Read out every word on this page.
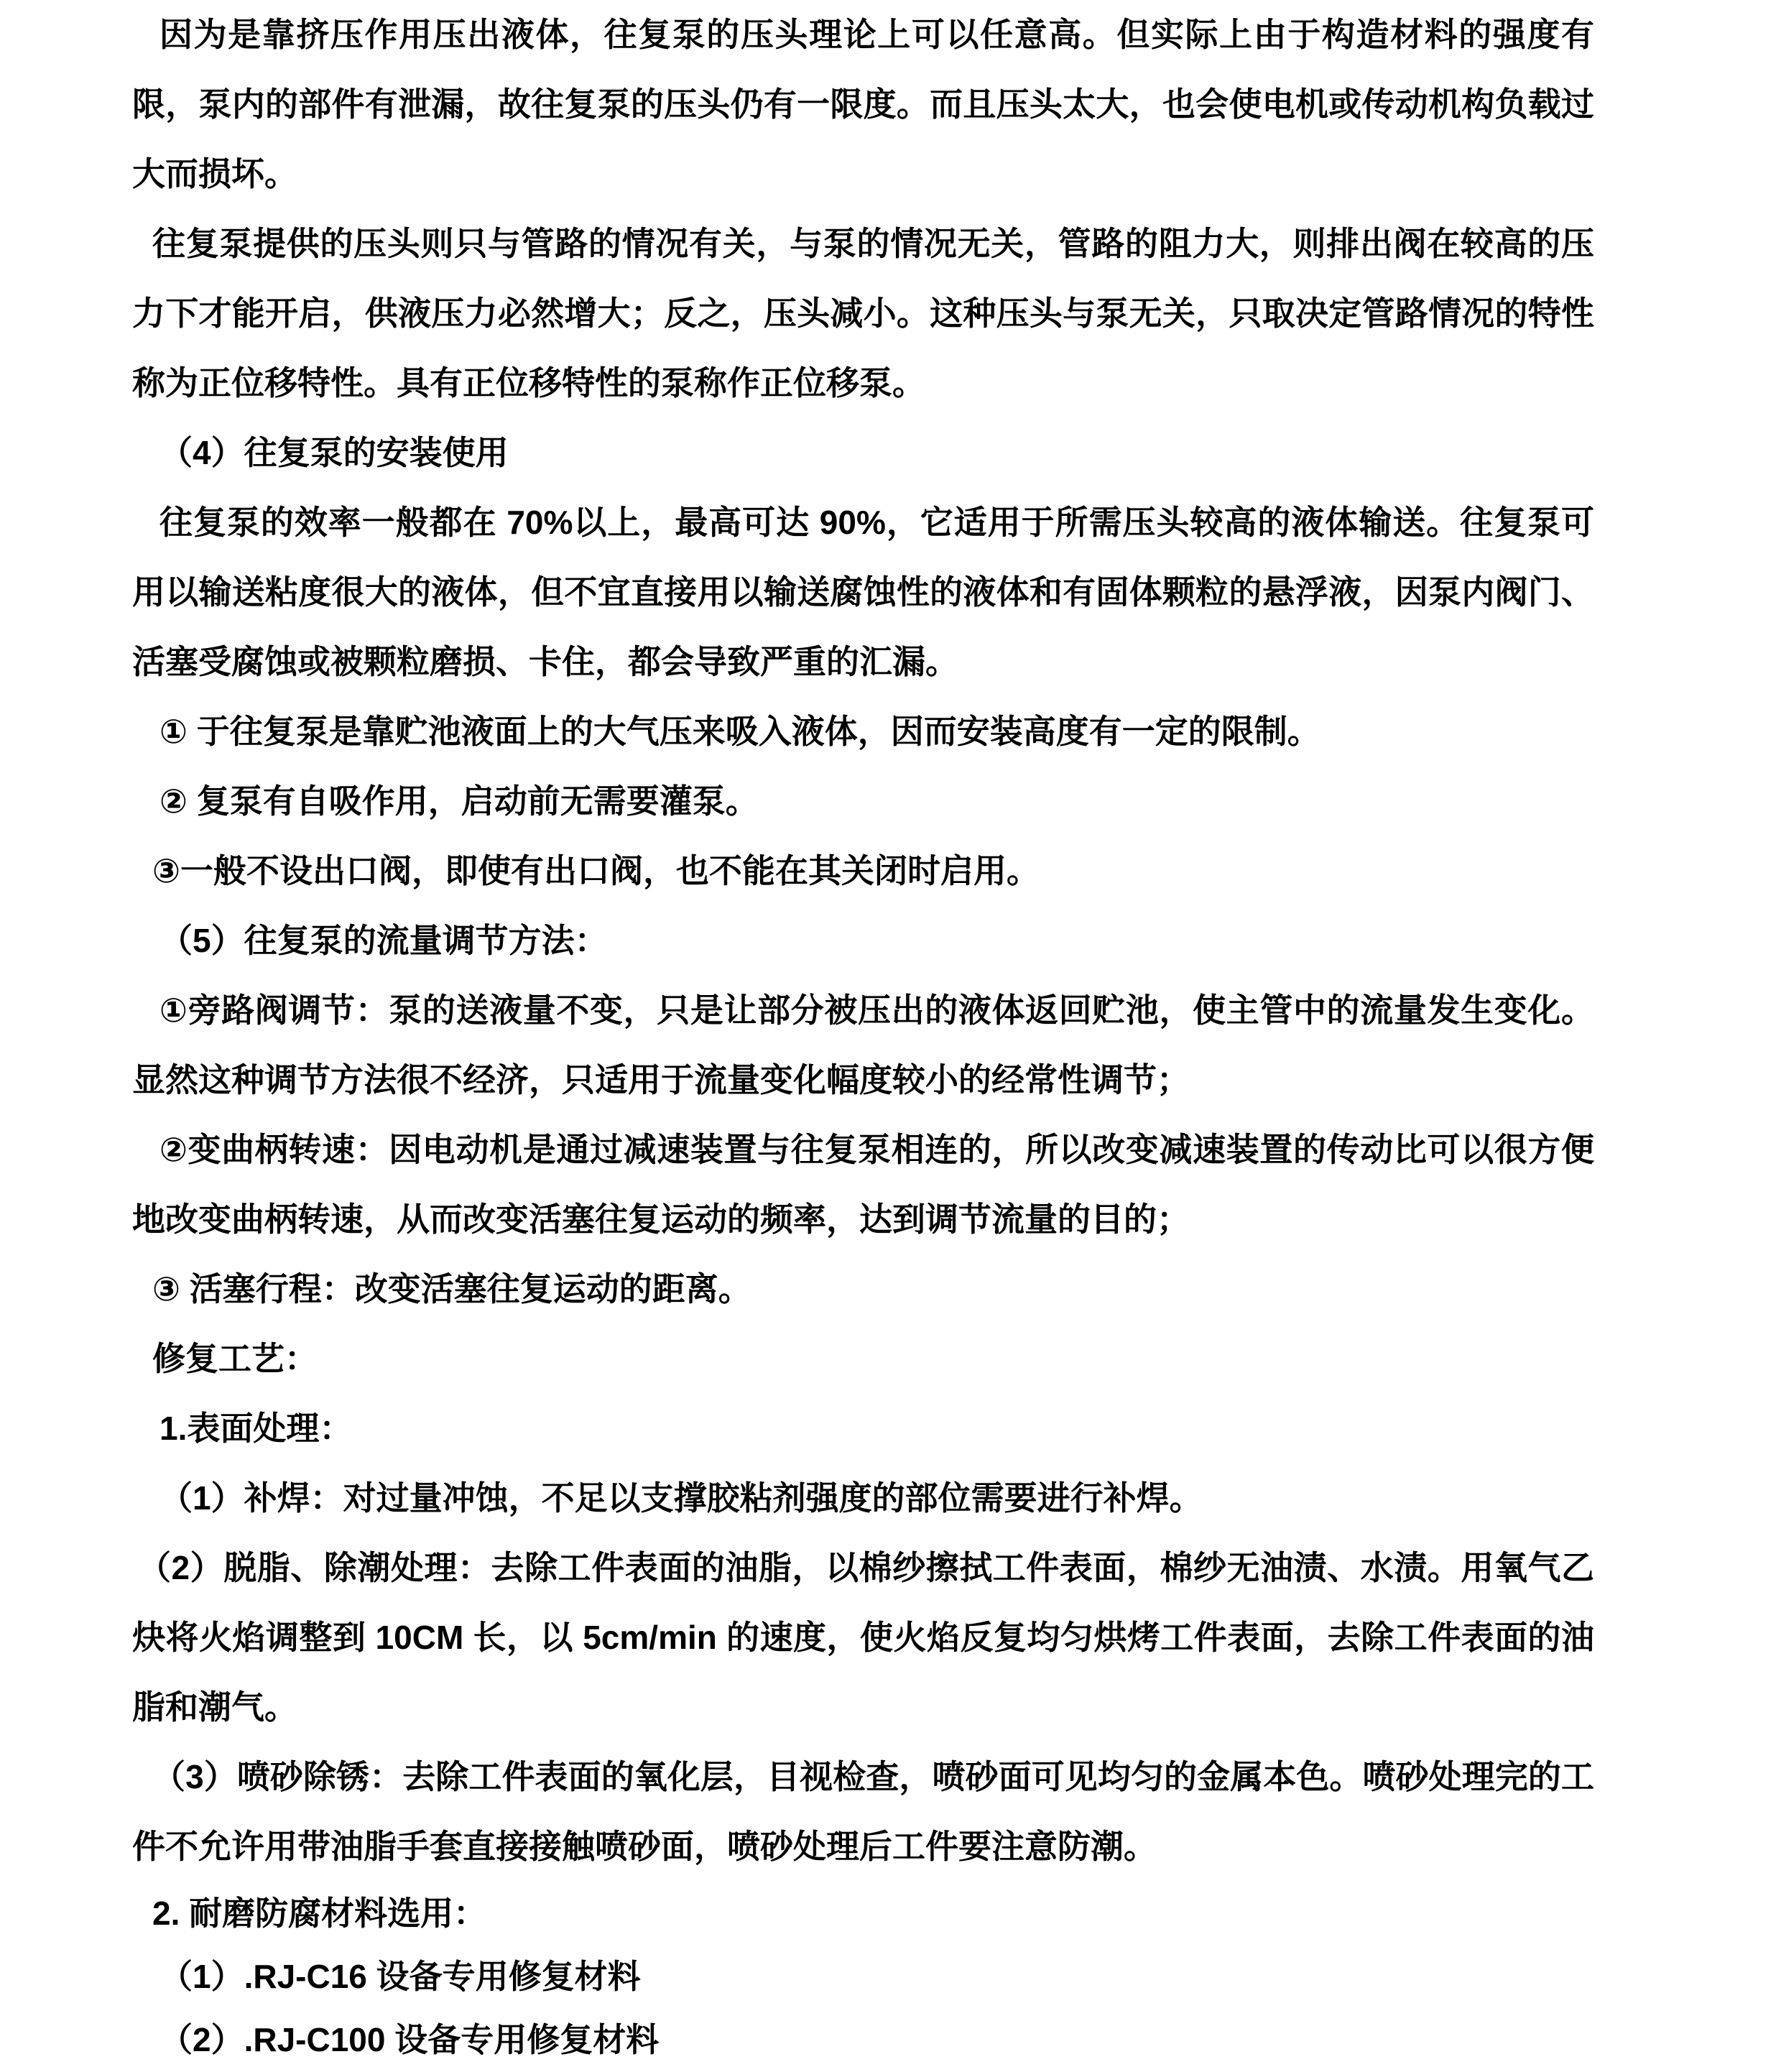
因为是靠挤压作用压出液体，往复泵的压头理论上可以任意高。但实际上由于构造材料的强度有限，泵内的部件有泄漏，故往复泵的压头仍有一限度。而且压头太大，也会使电机或传动机构负载过大而损坏。

往复泵提供的压头则只与管路的情况有关，与泵的情况无关，管路的阻力大，则排出阀在较高的压力下才能开启，供液压力必然增大；反之，压头减小。这种压头与泵无关，只取决定管路情况的特性称为正位移特性。具有正位移特性的泵称作正位移泵。

（4）往复泵的安装使用

往复泵的效率一般都在 70%以上，最高可达 90%，它适用于所需压头较高的液体输送。往复泵可用以输送粘度很大的液体，但不宜直接用以输送腐蚀性的液体和有固体颗粒的悬浮液，因泵内阀门、活塞受腐蚀或被颗粒磨损、卡住，都会导致严重的汇漏。

① 于往复泵是靠贮池液面上的大气压来吸入液体，因而安装高度有一定的限制。

② 复泵有自吸作用，启动前无需要灌泵。

③一般不设出口阀，即使有出口阀，也不能在其关闭时启用。

（5）往复泵的流量调节方法：

①旁路阀调节：泵的送液量不变，只是让部分被压出的液体返回贮池，使主管中的流量发生变化。显然这种调节方法很不经济，只适用于流量变化幅度较小的经常性调节；

②变曲柄转速：因电动机是通过减速装置与往复泵相连的，所以改变减速装置的传动比可以很方便地改变曲柄转速，从而改变活塞往复运动的频率，达到调节流量的目的；

③ 活塞行程：改变活塞往复运动的距离。

修复工艺：

1.表面处理：

（1）补焊：对过量冲蚀，不足以支撑胶粘剂强度的部位需要进行补焊。

（2）脱脂、除潮处理：去除工件表面的油脂，以棉纱擦拭工件表面，棉纱无油渍、水渍。用氧气乙炔将火焰调整到 10CM 长，以 5cm/min 的速度，使火焰反复均匀烘烤工件表面，去除工件表面的油脂和潮气。

（3）喷砂除锈：去除工件表面的氧化层，目视检查，喷砂面可见均匀的金属本色。喷砂处理完的工件不允许用带油脂手套直接接触喷砂面，喷砂处理后工件要注意防潮。

2. 耐磨防腐材料选用：

（1）.RJ-C16 设备专用修复材料

（2）.RJ-C100 设备专用修复材料
